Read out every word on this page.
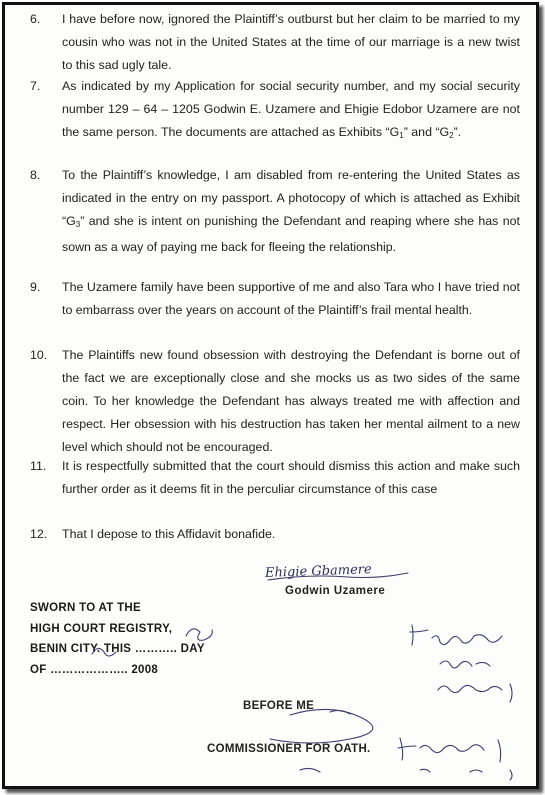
6.	I have before now, ignored the Plaintiff’s outburst but her claim to be married to my cousin who was not in the United States at the time of our marriage is a new twist to this sad ugly tale.
7.	As indicated by my Application for social security number, and my social security number 129 – 64 – 1205 Godwin E. Uzamere and Ehigie Edobor Uzamere are not the same person. The documents are attached as Exhibits “$G_1$” and “$G_2$”.
8.	To the Plaintiff’s knowledge, I am disabled from re-entering the United States as indicated in the entry on my passport. A photocopy of which is attached as Exhibit “$G_3$” and she is intent on punishing the Defendant and reaping where she has not sown as a way of paying me back for fleeing the relationship.
9.	The Uzamere family have been supportive of me and also Tara who I have tried not to embarrass over the years on account of the Plaintiff’s frail mental health.
10.	The Plaintiffs new found obsession with destroying the Defendant is borne out of the fact we are exceptionally close and she mocks us as two sides of the same coin. To her knowledge the Defendant has always treated me with affection and respect. Her obsession with his destruction has taken her mental ailment to a new level which should not be encouraged.
11.	It is respectfully submitted that the court should dismiss this action and make such further order as it deems fit in the perculiar circumstance of this case
12.	That I depose to this Affidavit bonafide.
Ehigie Gbamere
Godwin Uzamere
SWORN TO AT THE
HIGH COURT REGISTRY,
BENIN CITY. THIS ……….. DAY
OF ……………….. 2008
BEFORE ME
COMMISSIONER FOR OATH.
